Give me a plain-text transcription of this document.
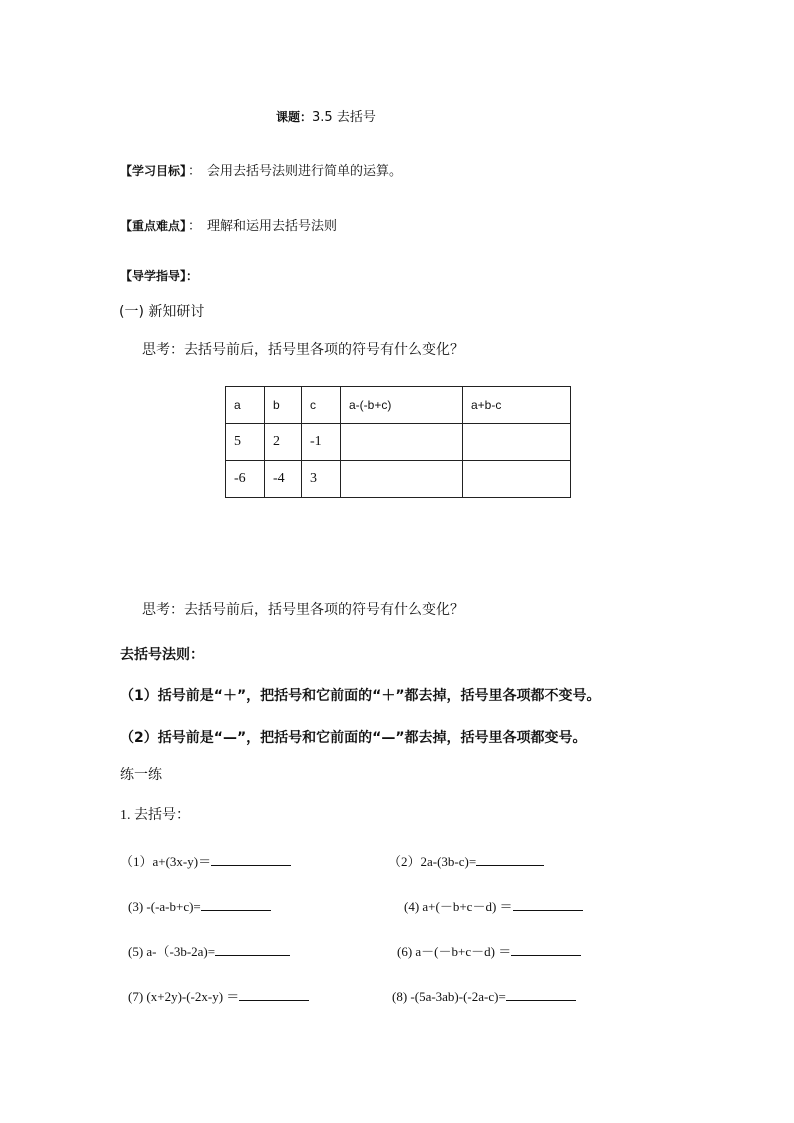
课题：3.5 去括号
【学习目标】 ： 会用去括号法则进行简单的运算。
【重点难点】 ： 理解和运用去括号法则
【导学指导】：
(一) 新知研讨
思考：去括号前后，括号里各项的符号有什么变化？
a	b	c	a-(-b+c)	a+b-c
5	2	-1		
-6	-4	3		
思考：去括号前后，括号里各项的符号有什么变化？
去括号法则：
（1）括号前是“＋”，把括号和它前面的“＋”都去掉，括号里各项都不变号。
（2）括号前是“—”，把括号和它前面的“—”都去掉，括号里各项都变号。
练一练
1. 去括号：
（1）a+(3x-y)＝	（2）2a-(3b-c)=
(3) -(-a-b+c)=	(4) a+(－b+c－d) ＝
(5) a-（-3b-2a)=	(6) a－(－b+c－d) ＝
(7) (x+2y)-(-2x-y) ＝	(8) -(5a-3ab)-(-2a-c)=
